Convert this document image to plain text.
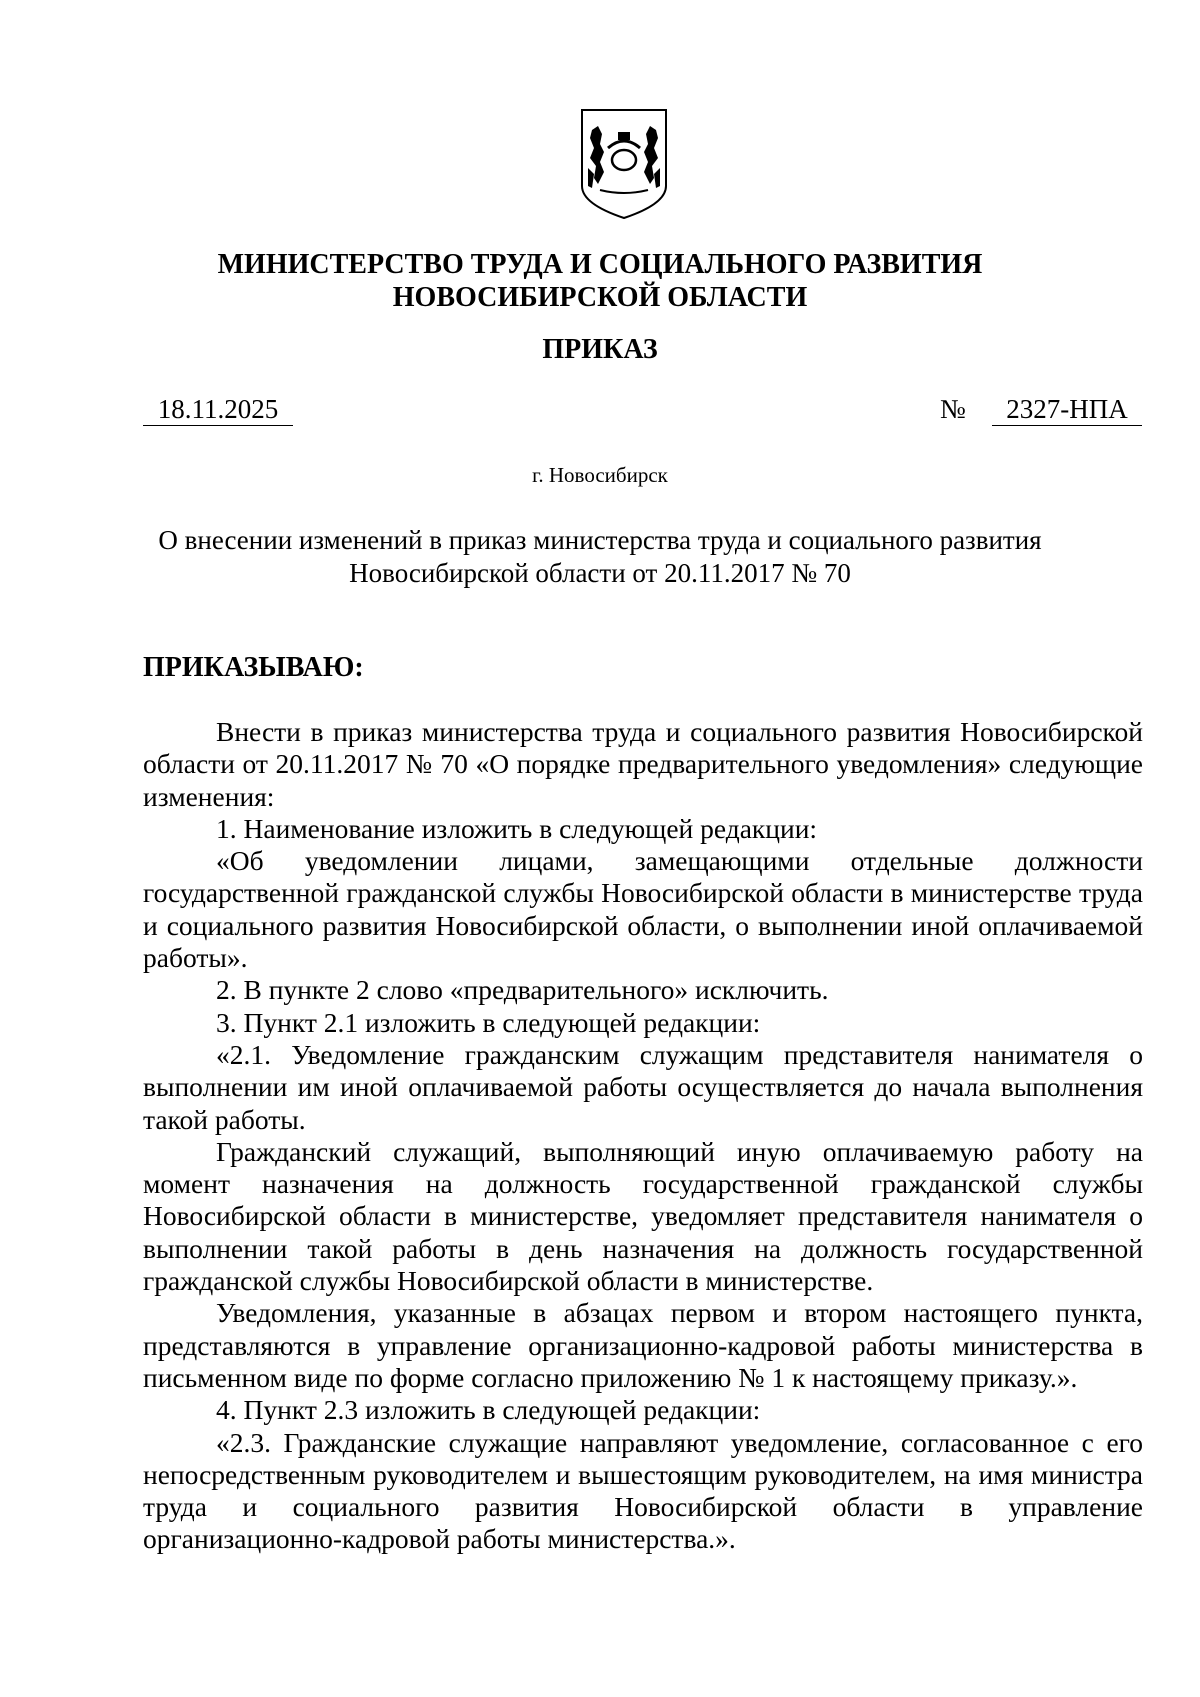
МИНИСТЕРСТВО ТРУДА И СОЦИАЛЬНОГО РАЗВИТИЯ
НОВОСИБИРСКОЙ ОБЛАСТИ
ПРИКАЗ
18.11.2025	№	2327-НПА
г. Новосибирск
О внесении изменений в приказ министерства труда и социального развития
Новосибирской области от 20.11.2017 № 70
ПРИКАЗЫВАЮ:

Внести в приказ министерства труда и социального развития Новосибирской области от 20.11.2017 № 70 «О порядке предварительного уведомления» следующие изменения:

1. Наименование изложить в следующей редакции:

«Об уведомлении лицами, замещающими отдельные должности государственной гражданской службы Новосибирской области в министерстве труда и социального развития Новосибирской области, о выполнении иной оплачиваемой работы».

2. В пункте 2 слово «предварительного» исключить.

3. Пункт 2.1 изложить в следующей редакции:

«2.1. Уведомление гражданским служащим представителя нанимателя о выполнении им иной оплачиваемой работы осуществляется до начала выполнения такой работы.

Гражданский служащий, выполняющий иную оплачиваемую работу на момент назначения на должность государственной гражданской службы Новосибирской области в министерстве, уведомляет представителя нанимателя о выполнении такой работы в день назначения на должность государственной гражданской службы Новосибирской области в министерстве.

Уведомления, указанные в абзацах первом и втором настоящего пункта, представляются в управление организационно-кадровой работы министерства в письменном виде по форме согласно приложению № 1 к настоящему приказу.».

4. Пункт 2.3 изложить в следующей редакции:

«2.3. Гражданские служащие направляют уведомление, согласованное с его непосредственным руководителем и вышестоящим руководителем, на имя министра труда и социального развития Новосибирской области в управление организационно-кадровой работы министерства.».
